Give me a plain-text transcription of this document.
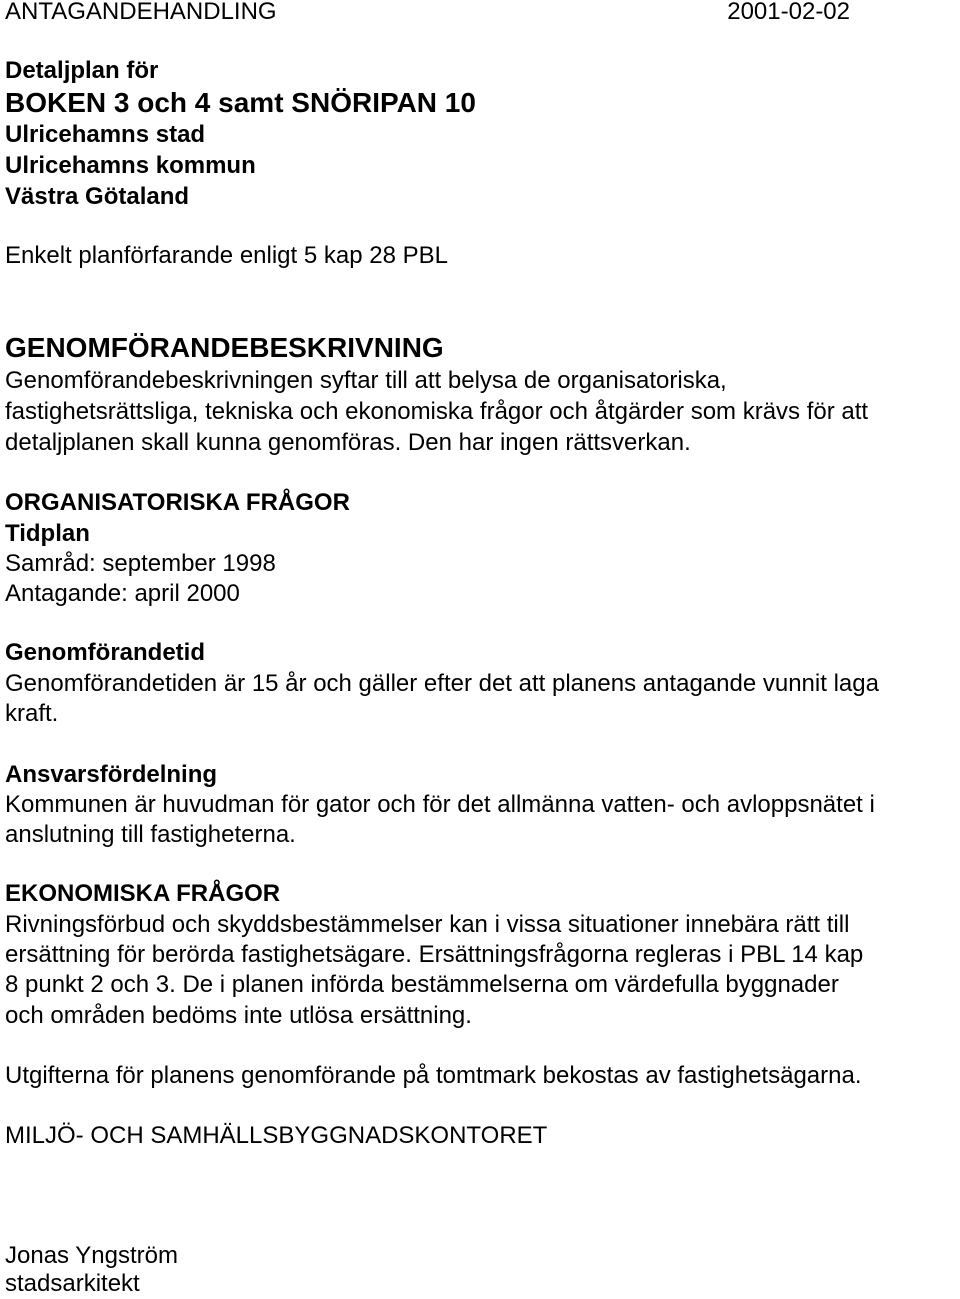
ANTAGANDEHANDLING	2001-02-02
Detaljplan för
BOKEN 3 och 4 samt SNÖRIPAN 10
Ulricehamns stad
Ulricehamns kommun
Västra Götaland
Enkelt planförfarande enligt 5 kap 28 PBL
GENOMFÖRANDEBESKRIVNING
Genomförandebeskrivningen syftar till att belysa de organisatoriska,
fastighetsrättsliga, tekniska och ekonomiska frågor och åtgärder som krävs för att
detaljplanen skall kunna genomföras. Den har ingen rättsverkan.
ORGANISATORISKA FRÅGOR
Tidplan
Samråd: september 1998
Antagande: april 2000
Genomförandetid
Genomförandetiden är 15 år och gäller efter det att planens antagande vunnit laga
kraft.
Ansvarsfördelning
Kommunen är huvudman för gator och för det allmänna vatten- och avloppsnätet i
anslutning till fastigheterna.
EKONOMISKA FRÅGOR
Rivningsförbud och skyddsbestämmelser kan i vissa situationer innebära rätt till
ersättning för berörda fastighetsägare. Ersättningsfrågorna regleras i PBL 14 kap
8 punkt 2 och 3. De i planen införda bestämmelserna om värdefulla byggnader
och områden bedöms inte utlösa ersättning.
Utgifterna för planens genomförande på tomtmark bekostas av fastighetsägarna.
MILJÖ- OCH SAMHÄLLSBYGGNADSKONTORET
Jonas Yngström
stadsarkitekt
